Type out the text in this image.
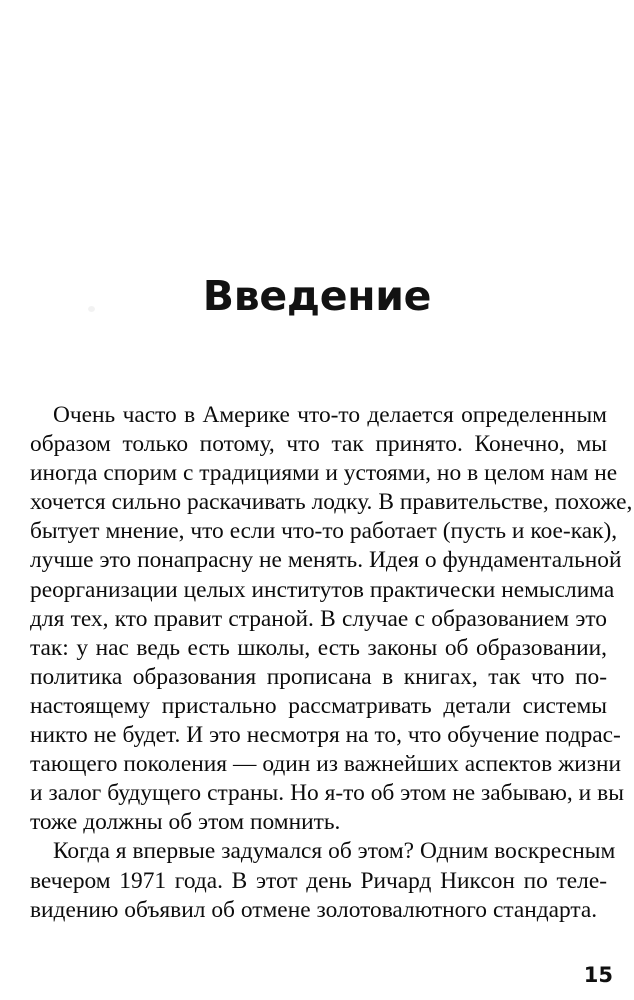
Введение

Очень часто в Америке что-то делается определенным
образом только потому, что так принято. Конечно, мы
иногда спорим с традициями и устоями, но в целом нам не
хочется сильно раскачивать лодку. В правительстве, похоже,
бытует мнение, что если что-то работает (пусть и кое-как),
лучше это понапрасну не менять. Идея о фундаментальной
реорганизации целых институтов практически немыслима
для тех, кто правит страной. В случае с образованием это
так: у нас ведь есть школы, есть законы об образовании,
политика образования прописана в книгах, так что по-
настоящему пристально рассматривать детали системы
никто не будет. И это несмотря на то, что обучение подрас-
тающего поколения — один из важнейших аспектов жизни
и залог будущего страны. Но я-то об этом не забываю, и вы
тоже должны об этом помнить.

Когда я впервые задумался об этом? Одним воскресным
вечером 1971 года. В этот день Ричард Никсон по теле-
видению объявил об отмене золотовалютного стандарта.

15
